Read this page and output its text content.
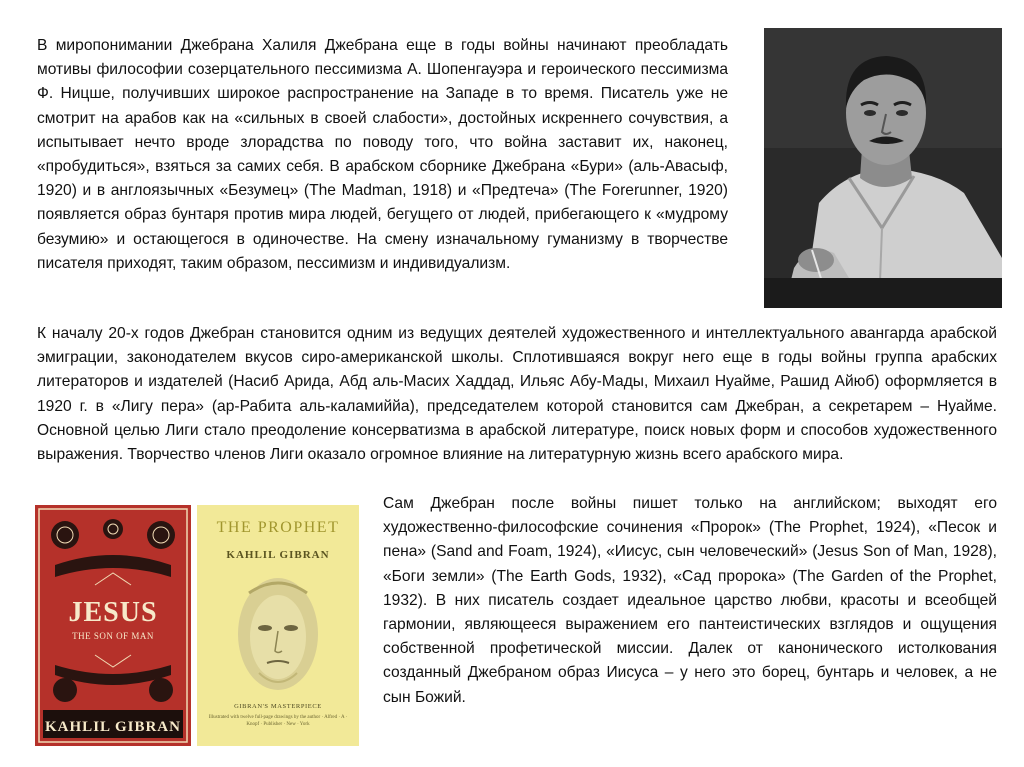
В миропонимании Джебрана Халиля Джебрана еще в годы войны начинают преобладать мотивы философии созерцательного пессимизма А. Шопенгауэра и героического пессимизма Ф. Ницше, получивших широкое распространение на Западе в то время. Писатель уже не смотрит на арабов как на «сильных в своей слабости», достойных искреннего сочувствия, а испытывает нечто вроде злорадства по поводу того, что война заставит их, наконец, «пробудиться», взяться за самих себя. В арабском сборнике Джебрана «Бури» (аль-Авасыф, 1920) и в англоязычных «Безумец» (The Madman, 1918) и «Предтеча» (The Forerunner, 1920) появляется образ бунтаря против мира людей, бегущего от людей, прибегающего к «мудрому безумию» и остающегося в одиночестве. На смену изначальному гуманизму в творчестве писателя приходят, таким образом, пессимизм и индивидуализм.

К началу 20-х годов Джебран становится одним из ведущих деятелей художественного и интеллектуального авангарда арабской эмиграции, законодателем вкусов сиро-американской школы. Сплотившаяся вокруг него еще в годы войны группа арабских литераторов и издателей (Насиб Арида, Абд аль-Масих Хаддад, Ильяс Абу-Мады, Михаил Нуайме, Рашид Айюб) оформляется в 1920 г. в «Лигу пера» (ар-Рабита аль-каламиййа), председателем которой становится сам Джебран, а секретарем – Нуайме. Основной целью Лиги стало преодоление консерватизма в арабской литературе, поиск новых форм и способов художественного выражения. Творчество членов Лиги оказало огромное влияние на литературную жизнь всего арабского мира.

JESUS
THE SON OF MAN
KAHLIL GIBRAN
THE PROPHET
KAHLIL GIBRAN
GIBRAN'S MASTERPIECE
Illustrated with twelve full-page drawings by the author · Alfred · A · Knopf · Publisher · New · York

Сам Джебран после войны пишет только на английском; выходят его художественно-философские сочинения «Пророк» (The Prophet, 1924), «Песок и пена» (Sand and Foam, 1924), «Иисус, сын человеческий» (Jesus Son of Man, 1928), «Боги земли» (The Earth Gods, 1932), «Сад пророка» (The Garden of the Prophet, 1932). В них писатель создает идеальное царство любви, красоты и всеобщей гармонии, являющееся выражением его пантеистических взглядов и ощущения собственной профетической миссии. Далек от канонического истолкования созданный Джебраном образ Иисуса – у него это борец, бунтарь и человек, а не сын Божий.
